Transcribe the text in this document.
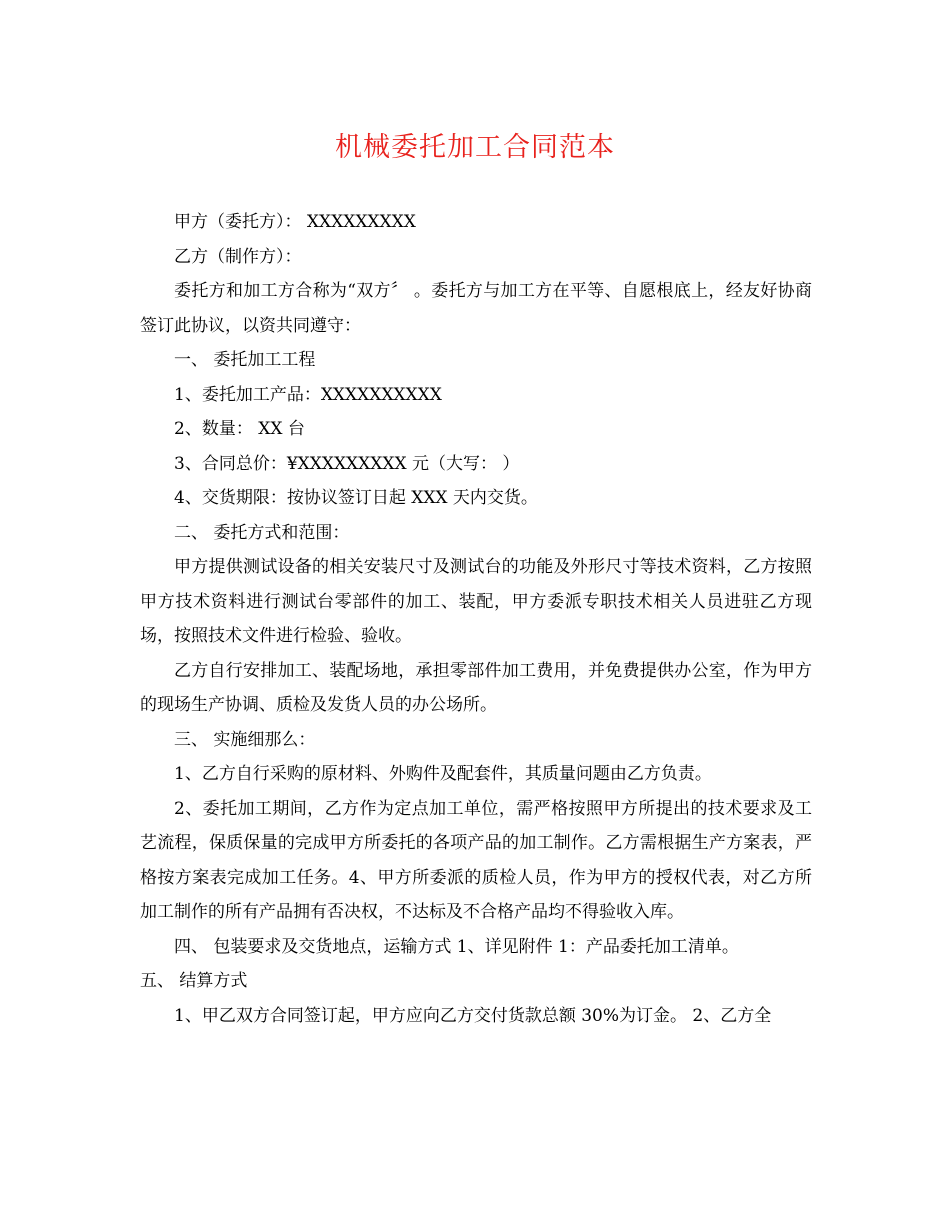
机械委托加工合同范本

甲方（委托方）： XXXXXXXXX

乙方（制作方）：

委托方和加工方合称为“双方〞 。委托方与加工方在平等、自愿根底上，经友好协商签订此协议，以资共同遵守：

一、 委托加工工程

1、委托加工产品：XXXXXXXXXX

2、数量： XX 台

3、合同总价：¥XXXXXXXXX 元（大写： ）

4、交货期限：按协议签订日起 XXX 天内交货。

二、 委托方式和范围：

甲方提供测试设备的相关安装尺寸及测试台的功能及外形尺寸等技术资料，乙方按照甲方技术资料进行测试台零部件的加工、装配，甲方委派专职技术相关人员进驻乙方现场，按照技术文件进行检验、验收。

乙方自行安排加工、装配场地，承担零部件加工费用，并免费提供办公室，作为甲方的现场生产协调、质检及发货人员的办公场所。

三、 实施细那么：

1、乙方自行采购的原材料、外购件及配套件，其质量问题由乙方负责。

2、委托加工期间，乙方作为定点加工单位，需严格按照甲方所提出的技术要求及工艺流程，保质保量的完成甲方所委托的各项产品的加工制作。乙方需根据生产方案表，严格按方案表完成加工任务。4、甲方所委派的质检人员，作为甲方的授权代表，对乙方所加工制作的所有产品拥有否决权，不达标及不合格产品均不得验收入库。

四、 包装要求及交货地点，运输方式 1、详见附件 1：产品委托加工清单。

五、 结算方式

1、甲乙双方合同签订起，甲方应向乙方交付货款总额 30%为订金。 2、乙方全
